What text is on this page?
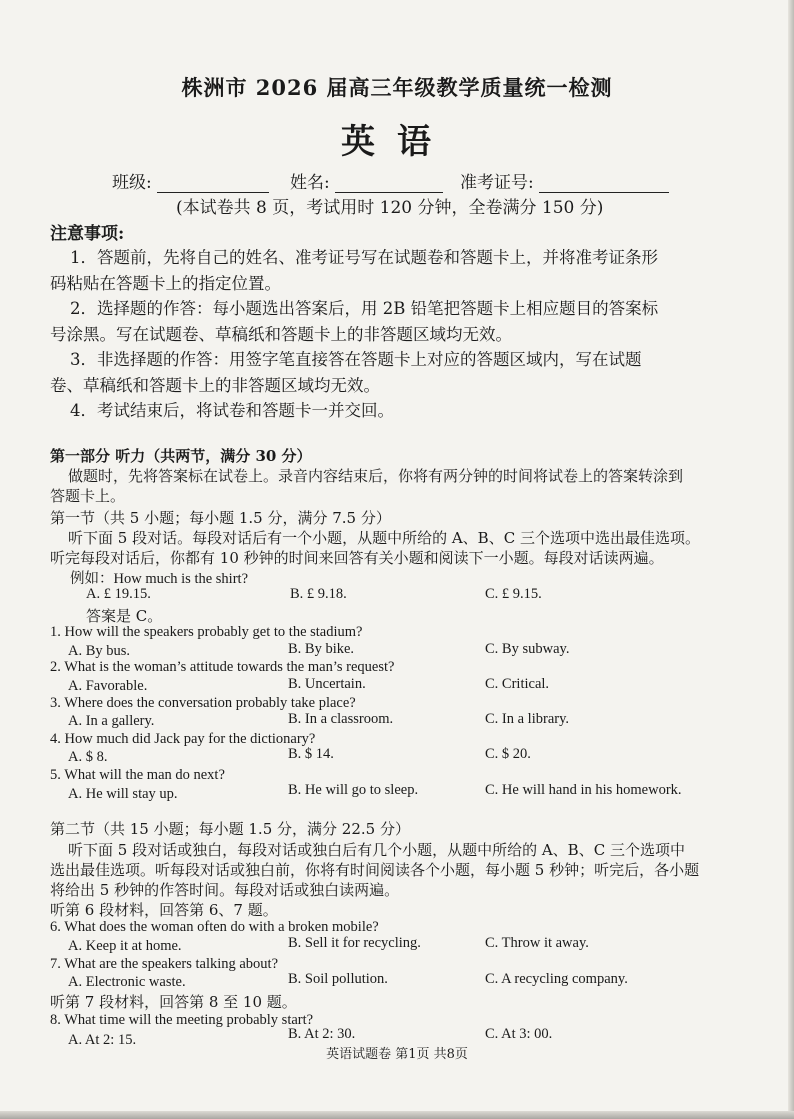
株洲市 2026 届高三年级教学质量统一检测
英语
班级:	姓名:	准考证号:
(本试卷共 8 页，考试用时 120 分钟，全卷满分 150 分)
注意事项:
1．答题前，先将自己的姓名、准考证号写在试题卷和答题卡上，并将准考证条形
码粘贴在答题卡上的指定位置。
2．选择题的作答：每小题选出答案后，用 2B 铅笔把答题卡上相应题目的答案标
号涂黑。写在试题卷、草稿纸和答题卡上的非答题区域均无效。
3．非选择题的作答：用签字笔直接答在答题卡上对应的答题区域内，写在试题
卷、草稿纸和答题卡上的非答题区域均无效。
4．考试结束后，将试卷和答题卡一并交回。
第一部分 听力（共两节，满分 30 分）
做题时，先将答案标在试卷上。录音内容结束后，你将有两分钟的时间将试卷上的答案转涂到
答题卡上。
第一节（共 5 小题；每小题 1.5 分，满分 7.5 分）
听下面 5 段对话。每段对话后有一个小题，从题中所给的 A、B、C 三个选项中选出最佳选项。
听完每段对话后，你都有 10 秒钟的时间来回答有关小题和阅读下一小题。每段对话读两遍。
例如：How much is the shirt?
A. £ 19.15.	B. £ 9.18.	C. £ 9.15.
答案是 C。
1. How will the speakers probably get to the stadium?
A. By bus.	B. By bike.	C. By subway.
2. What is the woman’s attitude towards the man’s request?
A. Favorable.	B. Uncertain.	C. Critical.
3. Where does the conversation probably take place?
A. In a gallery.	B. In a classroom.	C. In a library.
4. How much did Jack pay for the dictionary?
A. $ 8.	B. $ 14.	C. $ 20.
5. What will the man do next?
A. He will stay up.	B. He will go to sleep.	C. He will hand in his homework.
第二节（共 15 小题；每小题 1.5 分，满分 22.5 分）
听下面 5 段对话或独白，每段对话或独白后有几个小题，从题中所给的 A、B、C 三个选项中
选出最佳选项。听每段对话或独白前，你将有时间阅读各个小题，每小题 5 秒钟；听完后，各小题
将给出 5 秒钟的作答时间。每段对话或独白读两遍。
听第 6 段材料，回答第 6、7 题。
6. What does the woman often do with a broken mobile?
A. Keep it at home.	B. Sell it for recycling.	C. Throw it away.
7. What are the speakers talking about?
A. Electronic waste.	B. Soil pollution.	C. A recycling company.
听第 7 段材料，回答第 8 至 10 题。
8. What time will the meeting probably start?
A. At 2: 15.	B. At 2: 30.	C. At 3: 00.
英语试题卷 第1页 共8页
